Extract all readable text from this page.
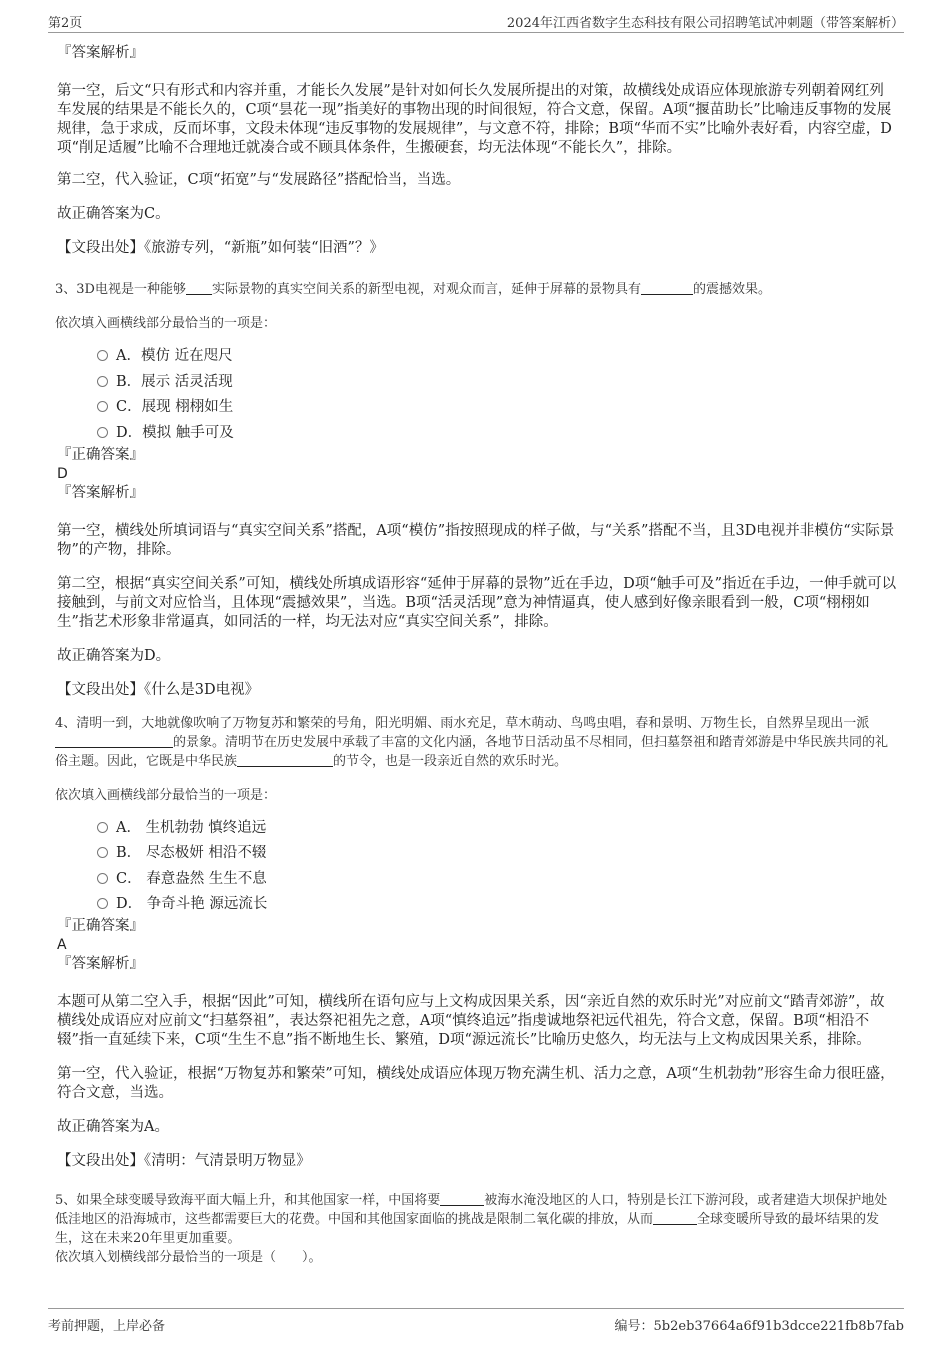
第2页	2024年江西省数字生态科技有限公司招聘笔试冲刺题（带答案解析）
『答案解析』

第一空，后文“只有形式和内容并重，才能长久发展”是针对如何长久发展所提出的对策，故横线处成语应体现旅游专列朝着网红列车发展的结果是不能长久的，C项“昙花一现”指美好的事物出现的时间很短，符合文意，保留。A项“揠苗助长”比喻违反事物的发展规律，急于求成，反而坏事，文段未体现“违反事物的发展规律”，与文意不符，排除；B项“华而不实”比喻外表好看，内容空虚，D项“削足适履”比喻不合理地迁就凑合或不顾具体条件，生搬硬套，均无法体现“不能长久”，排除。

第二空，代入验证，C项“拓宽”与“发展路径”搭配恰当，当选。

故正确答案为C。

【文段出处】《旅游专列，“新瓶”如何装“旧酒”？》

3、3D电视是一种能够 实际景物的真实空间关系的新型电视，对观众而言，延伸于屏幕的景物具有	的震撼效果。

依次填入画横线部分最恰当的一项是：

A．模仿 近在咫尺

B．展示 活灵活现

C．展现 栩栩如生

D．模拟 触手可及

『正确答案』
D
『答案解析』

第一空，横线处所填词语与“真实空间关系”搭配，A项“模仿”指按照现成的样子做，与“关系”搭配不当，且3D电视并非模仿“实际景物”的产物，排除。

第二空，根据“真实空间关系”可知，横线处所填成语形容“延伸于屏幕的景物”近在手边，D项“触手可及”指近在手边，一伸手就可以接触到，与前文对应恰当，且体现“震撼效果”，当选。B项“活灵活现”意为神情逼真，使人感到好像亲眼看到一般，C项“栩栩如生”指艺术形象非常逼真，如同活的一样，均无法对应“真实空间关系”，排除。

故正确答案为D。

【文段出处】《什么是3D电视》

4、清明一到，大地就像吹响了万物复苏和繁荣的号角，阳光明媚、雨水充足，草木萌动、鸟鸣虫唱，春和景明、万物生长，自然界呈现出一派的景象。清明节在历史发展中承载了丰富的文化内涵，各地节日活动虽不尽相同，但扫墓祭祖和踏青郊游是中华民族共同的礼俗主题。因此，它既是中华民族	的节令，也是一段亲近自然的欢乐时光。

依次填入画横线部分最恰当的一项是：

A． 生机勃勃 慎终追远

B． 尽态极妍 相沿不辍

C． 春意盎然 生生不息

D． 争奇斗艳 源远流长

『正确答案』
A
『答案解析』

本题可从第二空入手，根据“因此”可知，横线所在语句应与上文构成因果关系，因“亲近自然的欢乐时光”对应前文“踏青郊游”，故横线处成语应对应前文“扫墓祭祖”，表达祭祀祖先之意，A项“慎终追远”指虔诚地祭祀远代祖先，符合文意，保留。B项“相沿不辍”指一直延续下来，C项“生生不息”指不断地生长、繁殖，D项“源远流长”比喻历史悠久，均无法与上文构成因果关系，排除。

第一空，代入验证，根据“万物复苏和繁荣”可知，横线处成语应体现万物充满生机、活力之意，A项“生机勃勃”形容生命力很旺盛，符合文意，当选。

故正确答案为A。

【文段出处】《清明：气清景明万物显》

5、如果全球变暖导致海平面大幅上升，和其他国家一样，中国将要	被海水淹没地区的人口，特别是长江下游河段，或者建造大坝保护地处低洼地区的沿海城市，这些都需要巨大的花费。中国和其他国家面临的挑战是限制二氧化碳的排放，从而	全球变暖所导致的最坏结果的发生，这在未来20年里更加重要。

依次填入划横线部分最恰当的一项是（　　）。

考前押题，上岸必备	编号：5b2eb37664a6f91b3dcce221fb8b7fab
